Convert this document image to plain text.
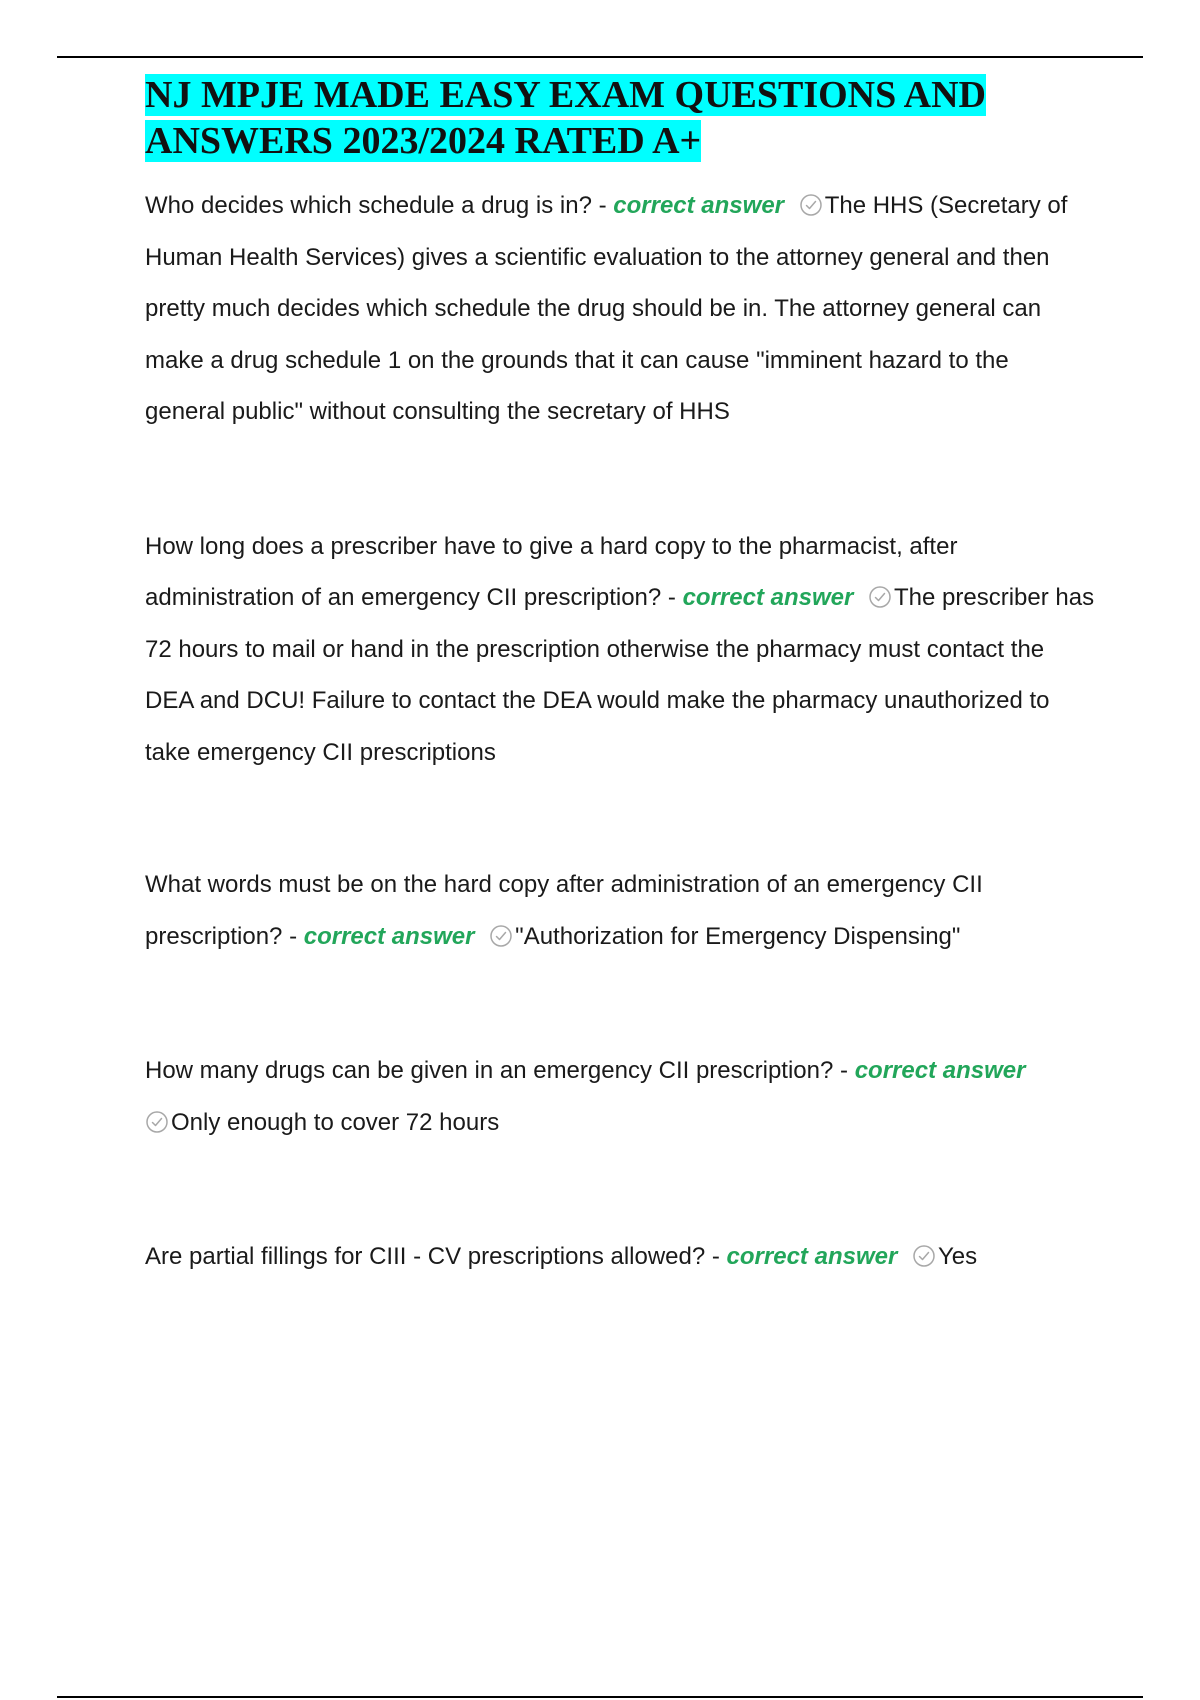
NJ MPJE MADE EASY EXAM QUESTIONS AND ANSWERS 2023/2024 RATED A+

Who decides which schedule a drug is in? - correct answer The HHS (Secretary of Human Health Services) gives a scientific evaluation to the attorney general and then pretty much decides which schedule the drug should be in. The attorney general can make a drug schedule 1 on the grounds that it can cause "imminent hazard to the general public" without consulting the secretary of HHS

How long does a prescriber have to give a hard copy to the pharmacist, after administration of an emergency CII prescription? - correct answer The prescriber has 72 hours to mail or hand in the prescription otherwise the pharmacy must contact the DEA and DCU! Failure to contact the DEA would make the pharmacy unauthorized to take emergency CII prescriptions

What words must be on the hard copy after administration of an emergency CII prescription? - correct answer "Authorization for Emergency Dispensing"

How many drugs can be given in an emergency CII prescription? - correct answer
Only enough to cover 72 hours

Are partial fillings for CIII - CV prescriptions allowed? - correct answer Yes
